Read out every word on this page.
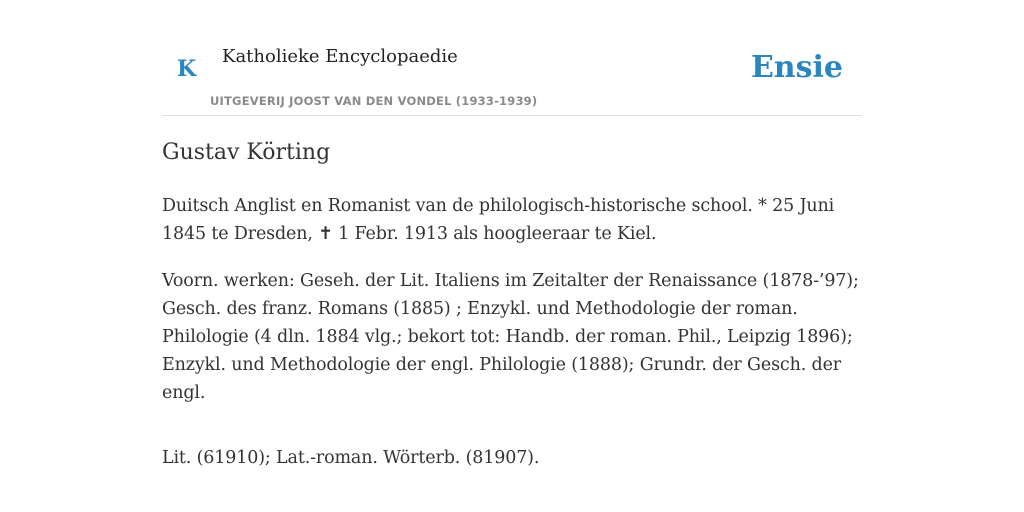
K Katholieke Encyclopaedie
UITGEVERIJ JOOST VAN DEN VONDEL (1933-1939)
Ensie
Gustav Körting

Duitsch Anglist en Romanist van de philologisch-historische school. * 25 Juni 1845 te Dresden, ✝ 1 Febr. 1913 als hoogleeraar te Kiel.

Voorn. werken: Geseh. der Lit. Italiens im Zeitalter der Renaissance (1878-’97); Gesch. des franz. Romans (1885) ; Enzykl. und Methodologie der roman. Philologie (4 dln. 1884 vlg.; bekort tot: Handb. der roman. Phil., Leipzig 1896); Enzykl. und Methodologie der engl. Philologie (1888); Grundr. der Gesch. der engl.

Lit. (61910); Lat.-roman. Wörterb. (81907).
